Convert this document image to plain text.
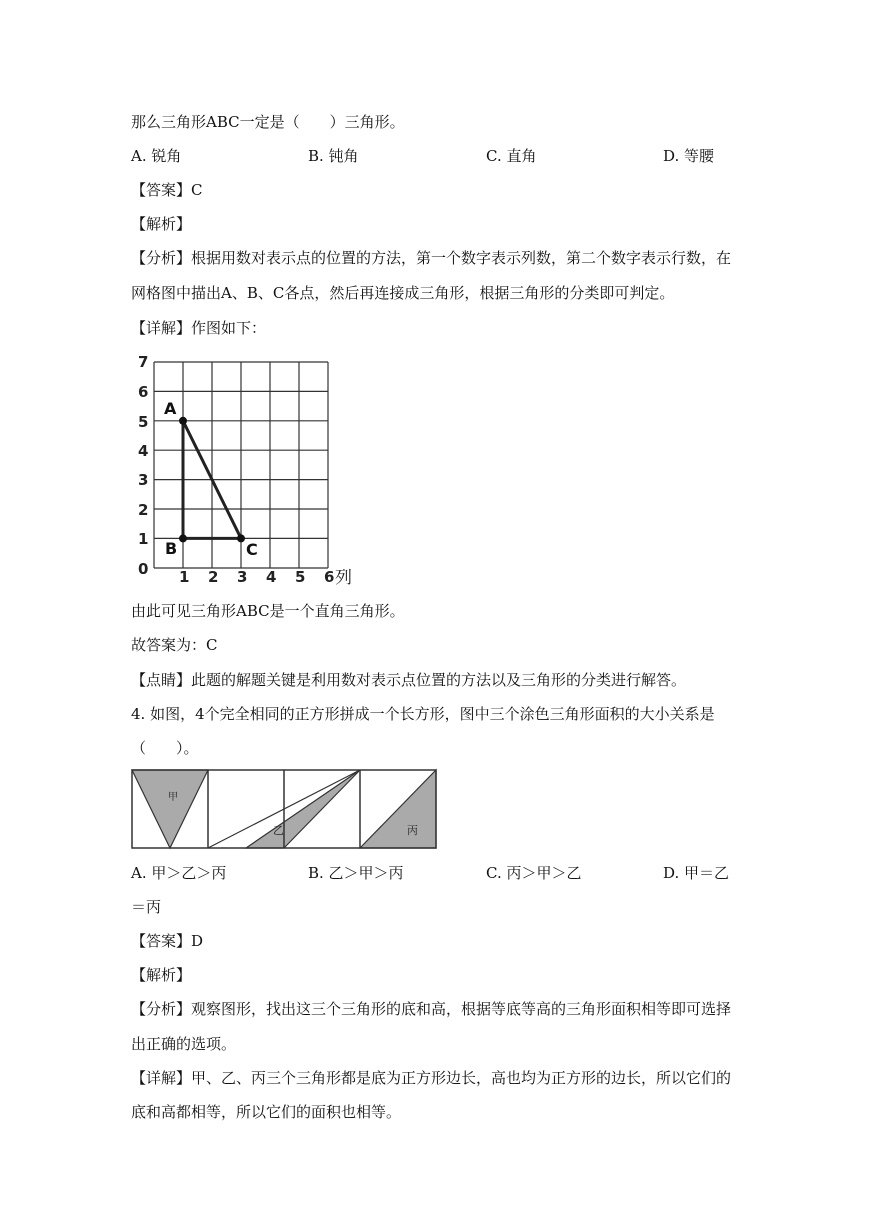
那么三角形ABC一定是（　　）三角形。
A. 锐角	B. 钝角	C. 直角	D. 等腰
【答案】C
【解析】
【分析】根据用数对表示点的位置的方法，第一个数字表示列数，第二个数字表示行数，在
网格图中描出A、B、C各点，然后再连接成三角形，根据三角形的分类即可判定。
【详解】作图如下：
0
1
2
3
4
5
6
7
1 2 3 4 5 6 列
A
B	C
由此可见三角形ABC是一个直角三角形。
故答案为：C
【点睛】此题的解题关键是利用数对表示点位置的方法以及三角形的分类进行解答。
4. 如图，4个完全相同的正方形拼成一个长方形，图中三个涂色三角形面积的大小关系是
（　　）。
甲
乙	丙
A. 甲＞乙＞丙	B. 乙＞甲＞丙	C. 丙＞甲＞乙	D. 甲＝乙
＝丙
【答案】D
【解析】
【分析】观察图形，找出这三个三角形的底和高，根据等底等高的三角形面积相等即可选择
出正确的选项。
【详解】甲、乙、丙三个三角形都是底为正方形边长，高也均为正方形的边长，所以它们的
底和高都相等，所以它们的面积也相等。
